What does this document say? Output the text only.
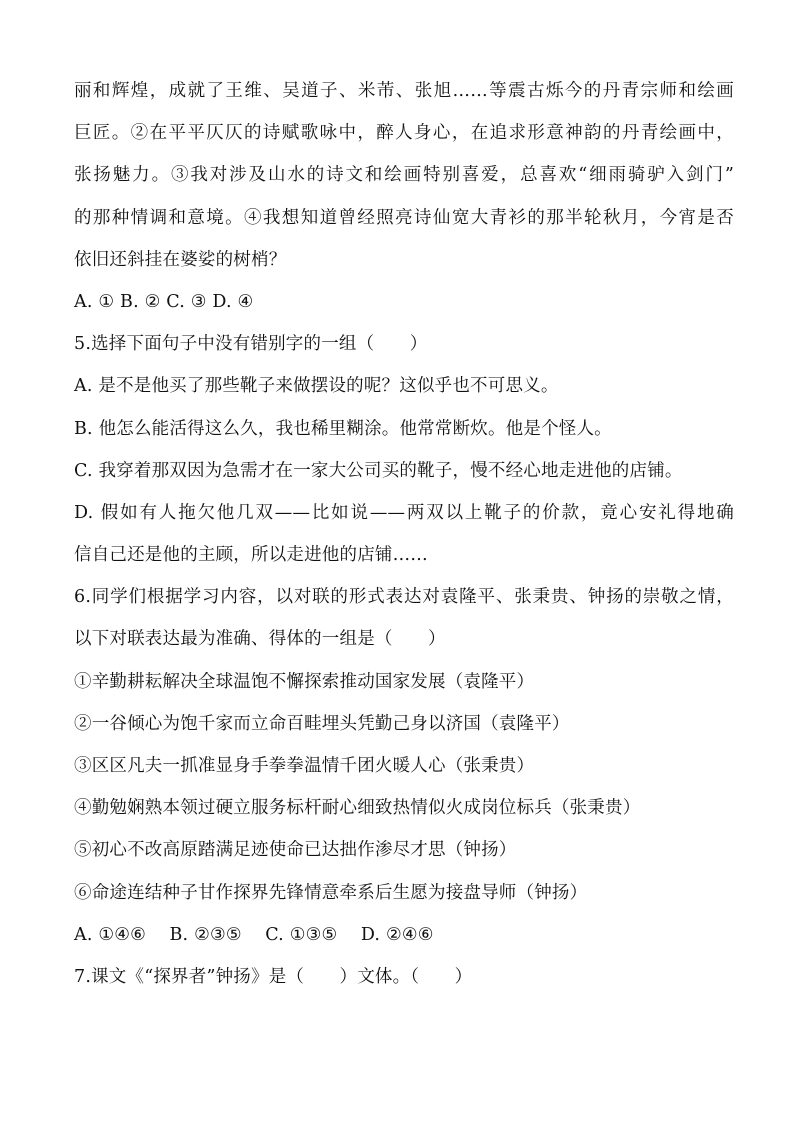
丽和辉煌，成就了王维、吴道子、米芾、张旭……等震古烁今的丹青宗师和绘画
巨匠。②在平平仄仄的诗赋歌咏中，醉人身心，在追求形意神韵的丹青绘画中，
张扬魅力。③我对涉及山水的诗文和绘画特别喜爱，总喜欢“细雨骑驴入剑门”
的那种情调和意境。④我想知道曾经照亮诗仙宽大青衫的那半轮秋月，今宵是否
依旧还斜挂在婆娑的树梢？
A. ① B. ② C. ③ D. ④
5.选择下面句子中没有错别字的一组（　　）
A. 是不是他买了那些靴子来做摆设的呢？这似乎也不可思义。
B. 他怎么能活得这么久，我也稀里糊涂。他常常断炊。他是个怪人。
C. 我穿着那双因为急需才在一家大公司买的靴子，慢不经心地走进他的店铺。
D. 假如有人拖欠他几双——比如说——两双以上靴子的价款，竟心安礼得地确
信自己还是他的主顾，所以走进他的店铺……
6.同学们根据学习内容，以对联的形式表达对袁隆平、张秉贵、钟扬的崇敬之情，
以下对联表达最为准确、得体的一组是（　　）
①辛勤耕耘解决全球温饱不懈探索推动国家发展（袁隆平）
②一谷倾心为饱千家而立命百畦埋头凭勤己身以济国（袁隆平）
③区区凡夫一抓准显身手拳拳温情千团火暖人心（张秉贵）
④勤勉娴熟本领过硬立服务标杆耐心细致热情似火成岗位标兵（张秉贵）
⑤初心不改高原踏满足迹使命已达拙作渗尽才思（钟扬）
⑥命途连结种子甘作探界先锋情意牵系后生愿为接盘导师（钟扬）
A. ①④⑥　 B. ②③⑤　 C. ①③⑤　 D. ②④⑥
7.课文《“探界者”钟扬》是（　　）文体。（　　）
